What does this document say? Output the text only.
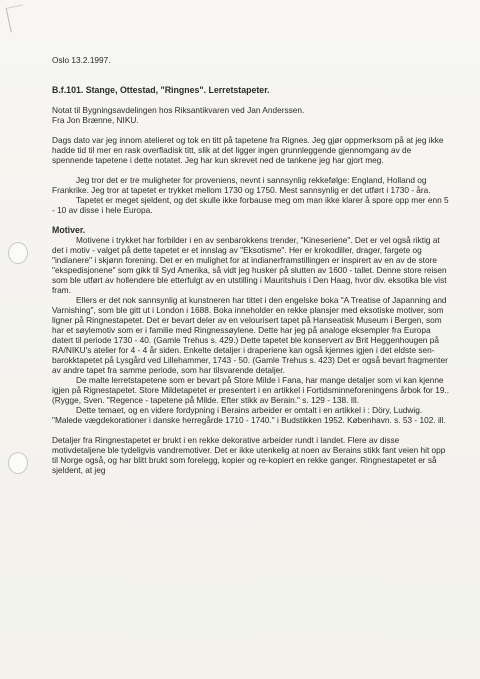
Oslo 13.2.1997.

B.f.101. Stange, Ottestad, "Ringnes". Lerretstapeter.

Notat til Bygningsavdelingen hos Riksantikvaren ved Jan Anderssen.

Fra Jon Brænne, NIKU.

Dags dato var jeg innom atelieret og tok en titt på tapetene fra Rignes. Jeg gjør oppmerksom på at jeg ikke hadde tid til mer en rask overfladisk titt, slik at det ligger ingen grunnleggende gjennomgang av de spennende tapetene i dette notatet. Jeg har kun skrevet ned de tankene jeg har gjort meg.

Jeg tror det er tre muligheter for proveniens, nevnt i sannsynlig rekkefølge: England, Holland og Frankrike. Jeg tror at tapetet er trykket mellom 1730 og 1750. Mest sannsynlig er det utført i 1730 - åra.

Tapetet er meget sjeldent, og det skulle ikke forbause meg om man ikke klarer å spore opp mer enn 5 - 10 av disse i hele Europa.

Motiver.

Motivene i trykket har forbilder i en av senbarokkens trender, "Kineseriene". Det er vel også riktig at det i motiv - valget på dette tapetet er et innslag av "Eksotisme". Her er krokodiller, drager, fargete og "indianere" i skjønn forening. Det er en mulighet for at indianerframstillingen er inspirert av en av de store "ekspedisjonene" som gikk til Syd Amerika, så vidt jeg husker på slutten av 1600 - tallet. Denne store reisen som ble utført av hollendere ble etterfulgt av en utstilling i Mauritshuis i Den Haag, hvor div. eksotika ble vist fram.

Ellers er det nok sannsynlig at kunstneren har tittet i den engelske boka "A Treatise of Japanning and Varnishing", som ble gitt ut i London i 1688. Boka inneholder en rekke plansjer med eksotiske motiver, som ligner på Ringnestapetet. Det er bevart deler av en velourisert tapet på Hanseatisk Museum i Bergen, som har et søylemotiv som er i familie med Ringnessøylene. Dette har jeg på analoge eksempler fra Europa datert til periode 1730 - 40. (Gamle Trehus s. 429.) Dette tapetet ble konservert av Brit Heggenhougen på RA/NIKU's atelier for 4 - 4 år siden. Enkelte detaljer i draperiene kan også kjennes igjen i det eldste sen-barokktapetet på Lysgård ved Lillehammer, 1743 - 50. (Gamle Trehus s. 423) Det er også bevart fragmenter av andre tapet fra samme periode, som har tilsvarende detaljer.

De malte lerretstapetene som er bevart på Store Milde i Fana, har mange detaljer som vi kan kjenne igjen på Rignestapetet. Store Mildetapetet er presentert i en artikkel i Fortidsminneforeningens årbok for 19.. (Rygge, Sven. "Regence - tapetene på Milde. Efter stikk av Berain." s. 129 - 138. Ill.

Dette temaet, og en videre fordypning i Berains arbeider er omtalt i en artikkel i : Döry, Ludwig. "Malede vægdekorationer i danske herregårde 1710 - 1740." i Budstikken 1952. København. s. 53 - 102. ill.

Detaljer fra Ringnestapetet er brukt i en rekke dekorative arbeider rundt i landet. Flere av disse motivdetaljene ble tydeligvis vandremotiver. Det er ikke utenkelig at noen av Berains stikk fant veien hit opp til Norge også, og har blitt brukt som forelegg, kopier og re-kopiert en rekke ganger. Ringnestapetet er så sjeldent, at jeg
